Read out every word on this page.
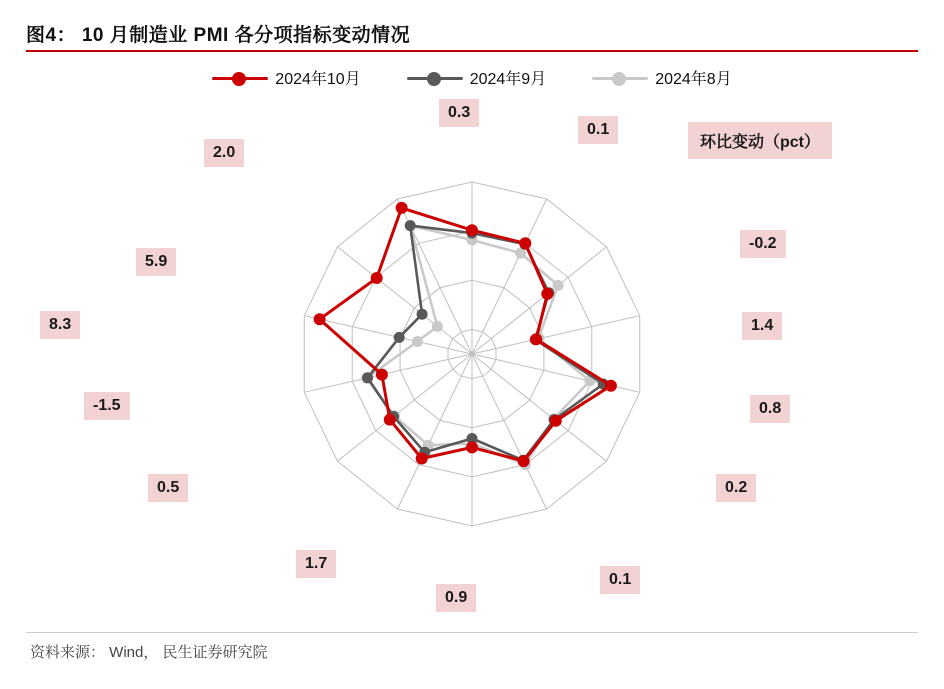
图4： 10 月制造业 PMI 各分项指标变动情况
2024年10月	2024年9月	2024年8月
0.3
0.1
-0.2
1.4
0.8
0.2
0.1
0.9
1.7
0.5
-1.5
8.3
5.9
2.0
环比变动（pct）
资料来源： Wind， 民生证券研究院
